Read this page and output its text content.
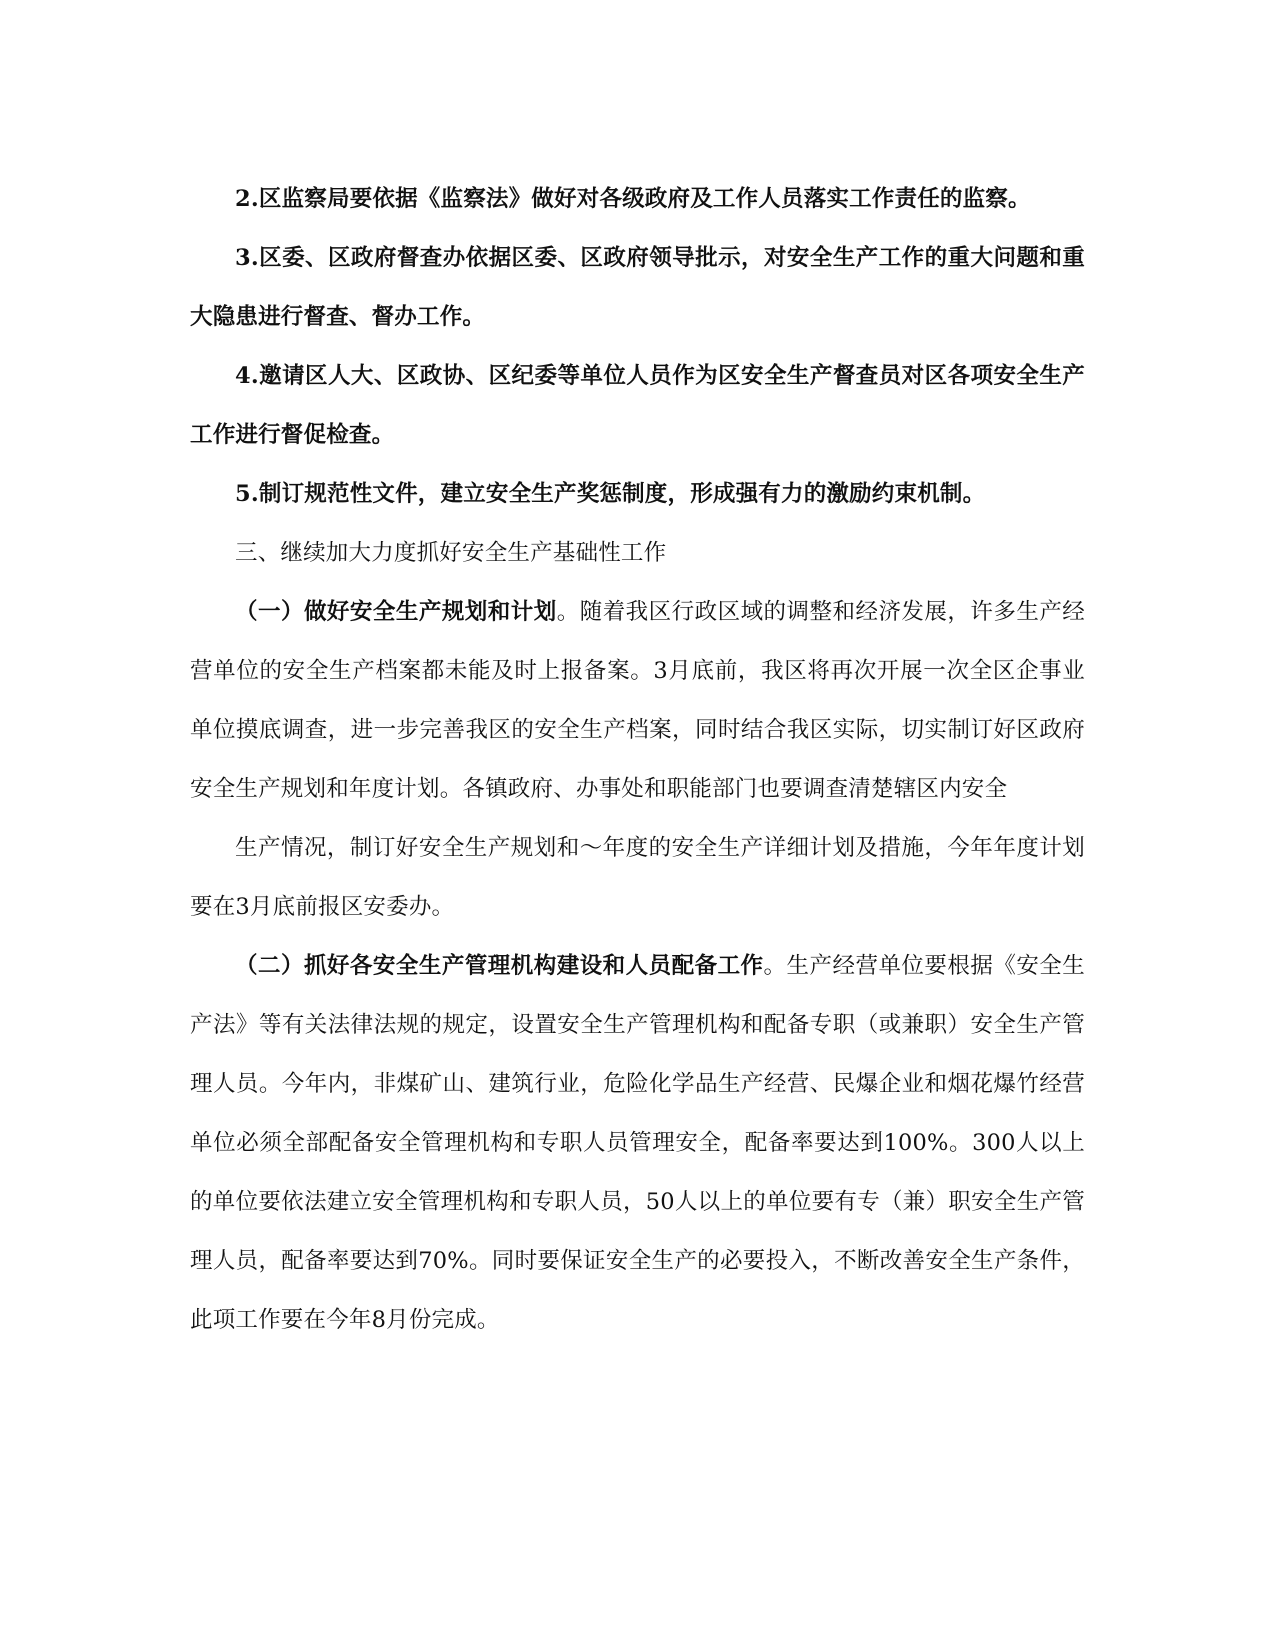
2.区监察局要依据《监察法》做好对各级政府及工作人员落实工作责任的监察。

3.区委、区政府督查办依据区委、区政府领导批示，对安全生产工作的重大问题和重大隐患进行督查、督办工作。

4.邀请区人大、区政协、区纪委等单位人员作为区安全生产督查员对区各项安全生产工作进行督促检查。

5.制订规范性文件，建立安全生产奖惩制度，形成强有力的激励约束机制。

三、继续加大力度抓好安全生产基础性工作

（一）做好安全生产规划和计划。随着我区行政区域的调整和经济发展，许多生产经营单位的安全生产档案都未能及时上报备案。3月底前，我区将再次开展一次全区企事业单位摸底调查，进一步完善我区的安全生产档案，同时结合我区实际，切实制订好区政府安全生产规划和年度计划。各镇政府、办事处和职能部门也要调查清楚辖区内安全

生产情况，制订好安全生产规划和～年度的安全生产详细计划及措施，今年年度计划要在3月底前报区安委办。

（二）抓好各安全生产管理机构建设和人员配备工作。生产经营单位要根据《安全生产法》等有关法律法规的规定，设置安全生产管理机构和配备专职（或兼职）安全生产管理人员。今年内，非煤矿山、建筑行业，危险化学品生产经营、民爆企业和烟花爆竹经营单位必须全部配备安全管理机构和专职人员管理安全，配备率要达到100%。300人以上的单位要依法建立安全管理机构和专职人员，50人以上的单位要有专（兼）职安全生产管理人员，配备率要达到70%。同时要保证安全生产的必要投入，不断改善安全生产条件，此项工作要在今年8月份完成。
